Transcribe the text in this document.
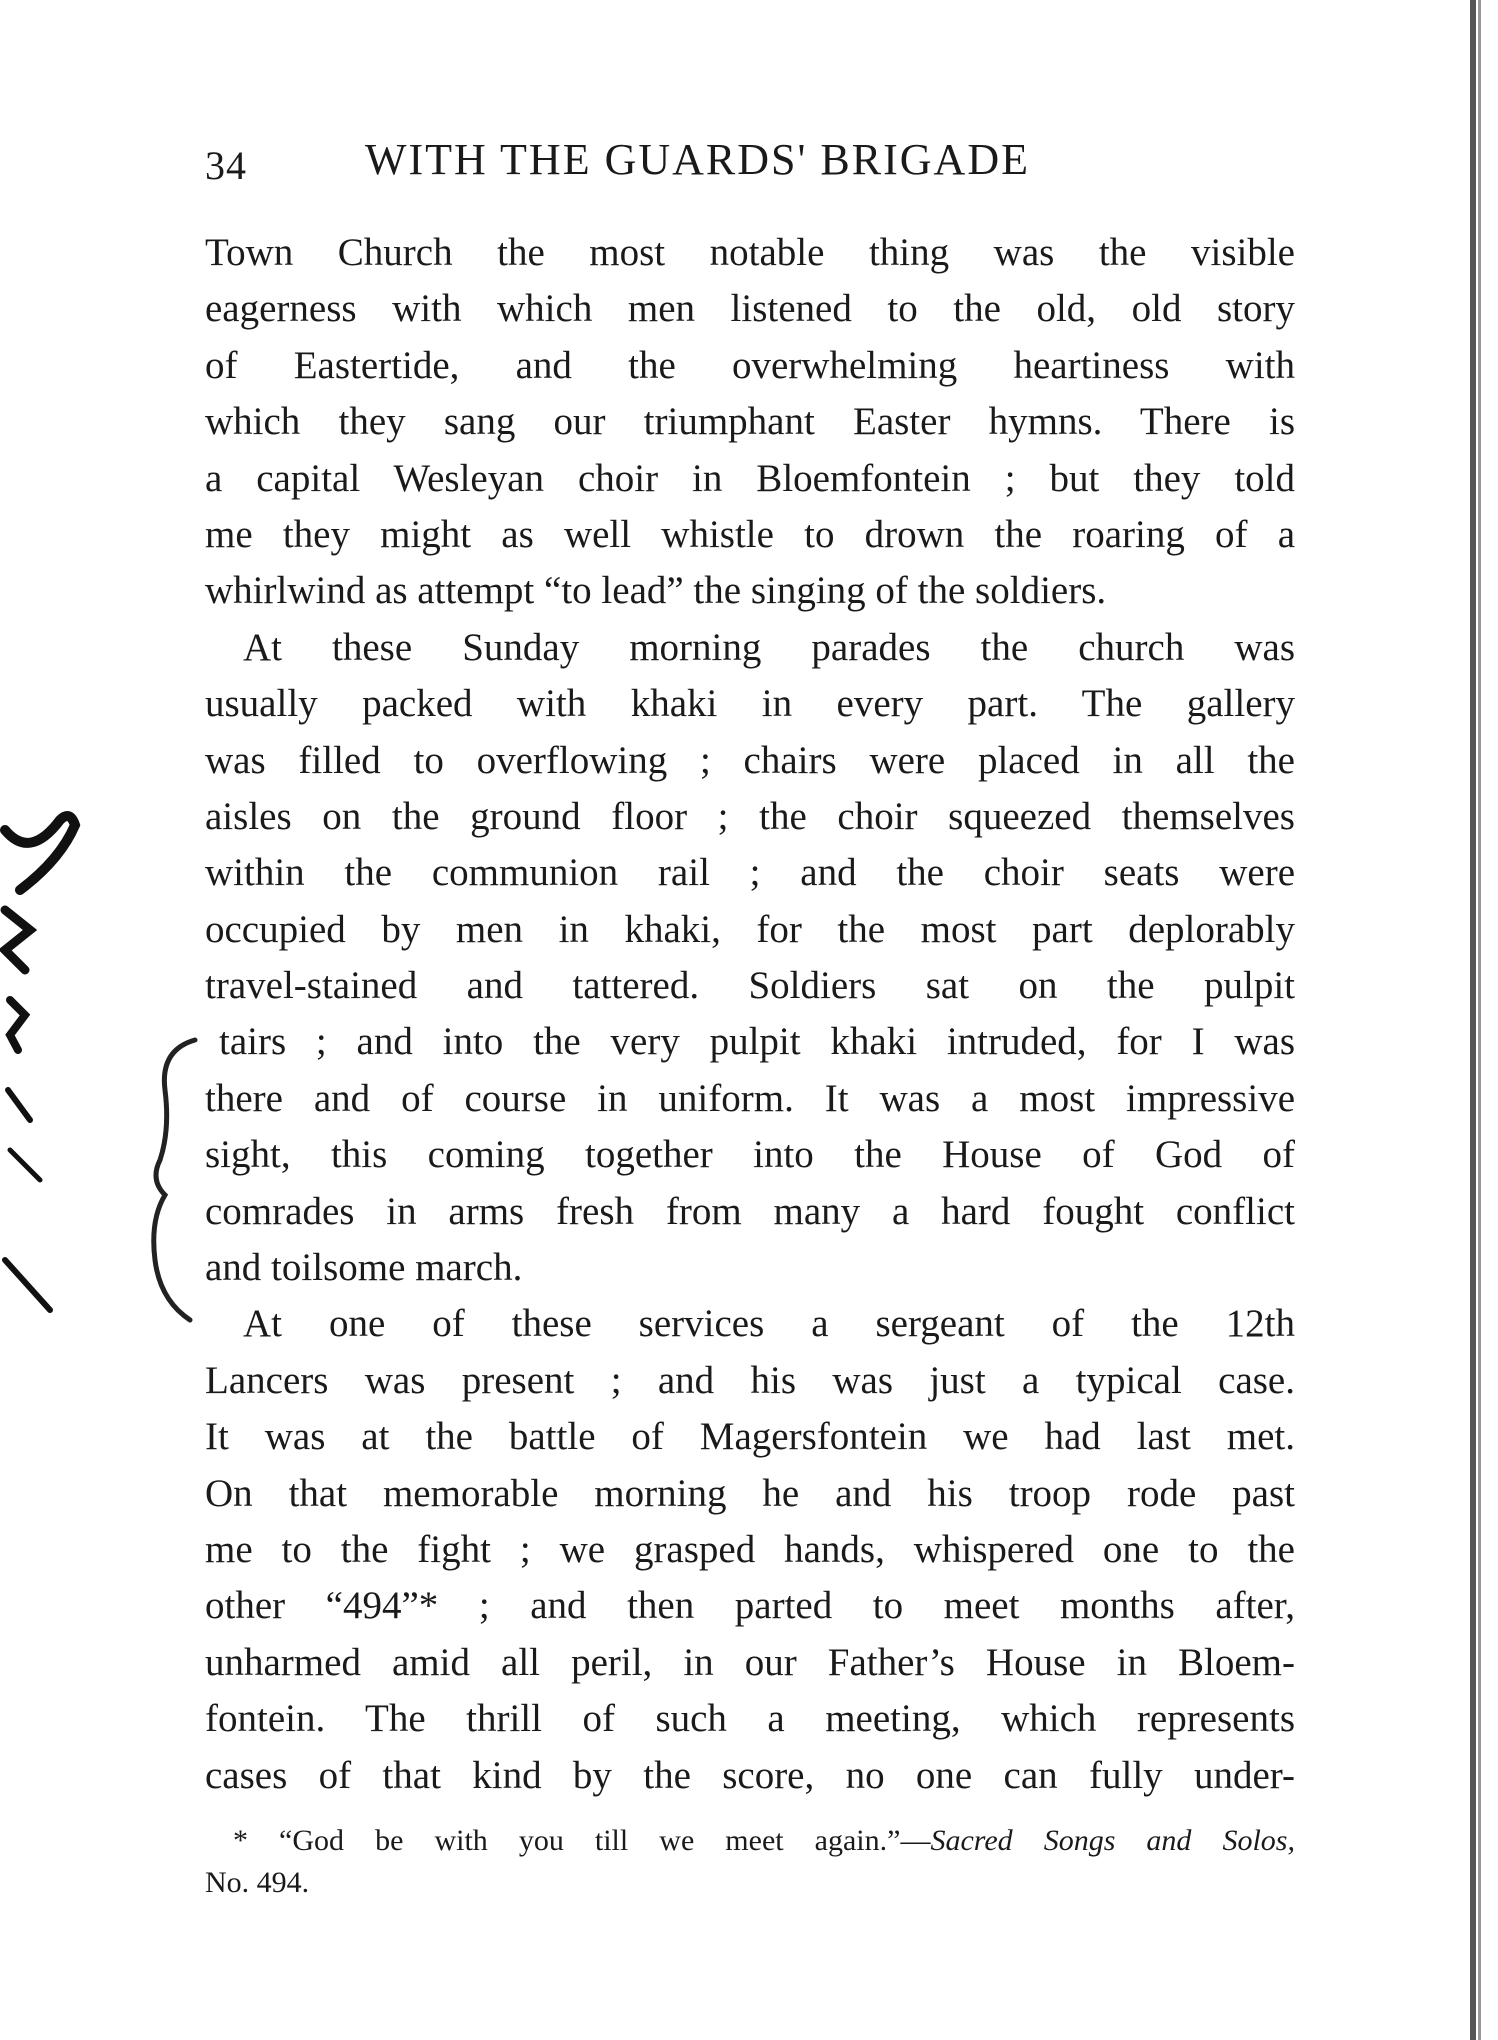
34	WITH THE GUARDS' BRIGADE
Town Church the most notable thing was the visible
eagerness with which men listened to the old, old story
of Eastertide, and the overwhelming heartiness with
which they sang our triumphant Easter hymns. There is
a capital Wesleyan choir in Bloemfontein ; but they told
me they might as well whistle to drown the roaring of a
whirlwind as attempt “to lead” the singing of the soldiers.
At these Sunday morning parades the church was
usually packed with khaki in every part. The gallery
was filled to overflowing ; chairs were placed in all the
aisles on the ground floor ; the choir squeezed themselves
within the communion rail ; and the choir seats were
occupied by men in khaki, for the most part deplorably
travel-stained and tattered. Soldiers sat on the pulpit
tairs ; and into the very pulpit khaki intruded, for I was
there and of course in uniform. It was a most impressive
sight, this coming together into the House of God of
comrades in arms fresh from many a hard fought conflict
and toilsome march.
At one of these services a sergeant of the 12th
Lancers was present ; and his was just a typical case.
It was at the battle of Magersfontein we had last met.
On that memorable morning he and his troop rode past
me to the fight ; we grasped hands, whispered one to the
other “494”* ; and then parted to meet months after,
unharmed amid all peril, in our Father’s House in Bloem-
fontein. The thrill of such a meeting, which represents
cases of that kind by the score, no one can fully under-
* “God be with you till we meet again.”—Sacred Songs and Solos,
No. 494.
